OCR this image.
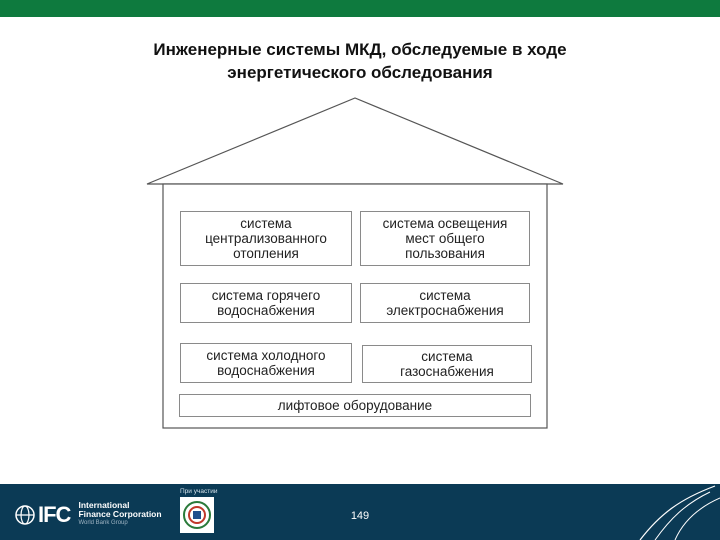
Инженерные системы МКД, обследуемые в ходе
энергетического обследования
система
централизованного
отопления
система освещения
мест общего
пользования
система горячего
водоснабжения
система
электроснабжения
система холодного
водоснабжения
система
газоснабжения
лифтовое оборудование
IFC International
Finance Corporation
World Bank Group
При участии
149
